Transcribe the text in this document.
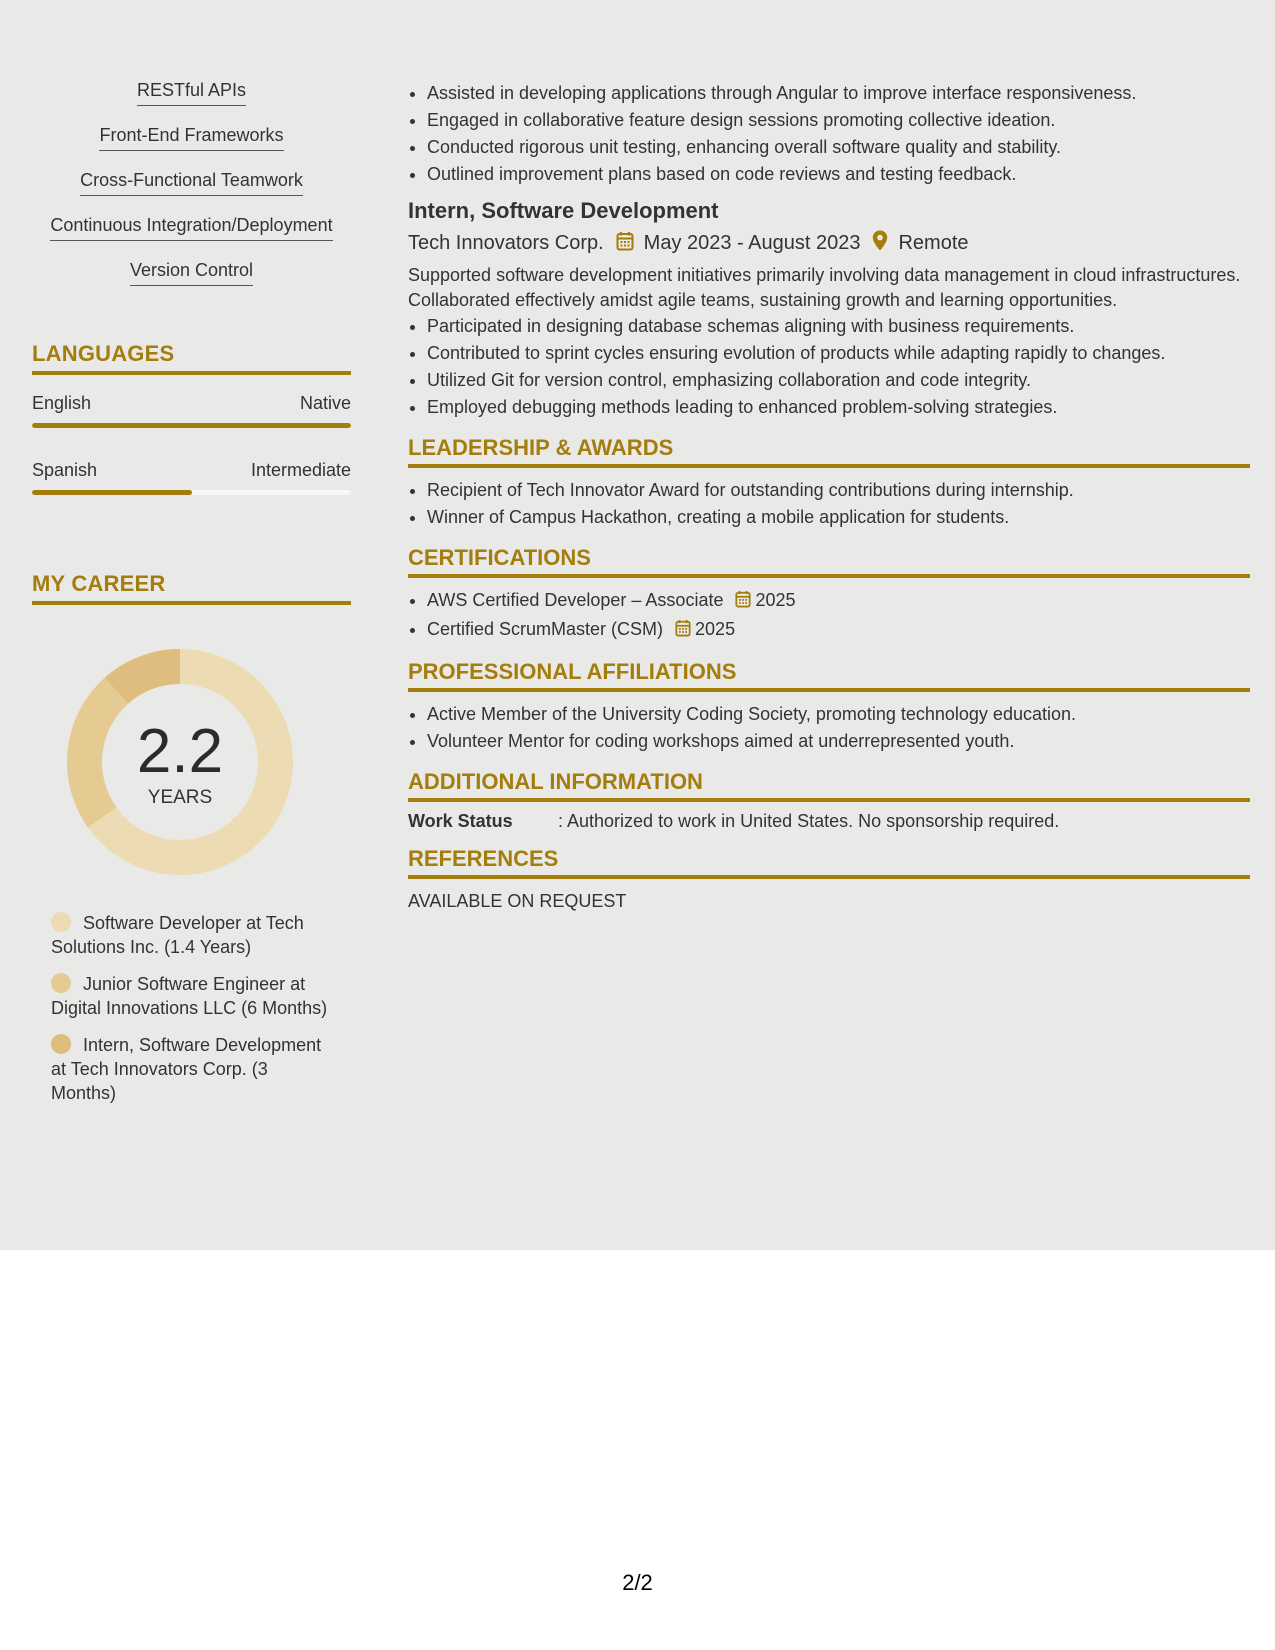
RESTful APIs
Front-End Frameworks
Cross-Functional Teamwork
Continuous Integration/Deployment
Version Control
LANGUAGES
English	Native
Spanish	Intermediate
MY CAREER
2.2
YEARS
Software Developer at Tech Solutions Inc. (1.4 Years)
Junior Software Engineer at Digital Innovations LLC (6 Months)
Intern, Software Development at Tech Innovators Corp. (3 Months)
• Assisted in developing applications through Angular to improve interface responsiveness.
• Engaged in collaborative feature design sessions promoting collective ideation.
• Conducted rigorous unit testing, enhancing overall software quality and stability.
• Outlined improvement plans based on code reviews and testing feedback.
Intern, Software Development
Tech Innovators Corp. May 2023 - August 2023 Remote
Supported software development initiatives primarily involving data management in cloud infrastructures. Collaborated effectively amidst agile teams, sustaining growth and learning opportunities.
• Participated in designing database schemas aligning with business requirements.
• Contributed to sprint cycles ensuring evolution of products while adapting rapidly to changes.
• Utilized Git for version control, emphasizing collaboration and code integrity.
• Employed debugging methods leading to enhanced problem-solving strategies.
LEADERSHIP & AWARDS
• Recipient of Tech Innovator Award for outstanding contributions during internship.
• Winner of Campus Hackathon, creating a mobile application for students.
CERTIFICATIONS
• AWS Certified Developer – Associate 2025
• Certified ScrumMaster (CSM) 2025
PROFESSIONAL AFFILIATIONS
• Active Member of the University Coding Society, promoting technology education.
• Volunteer Mentor for coding workshops aimed at underrepresented youth.
ADDITIONAL INFORMATION
Work Status	: Authorized to work in United States. No sponsorship required.
REFERENCES
AVAILABLE ON REQUEST
2/2
